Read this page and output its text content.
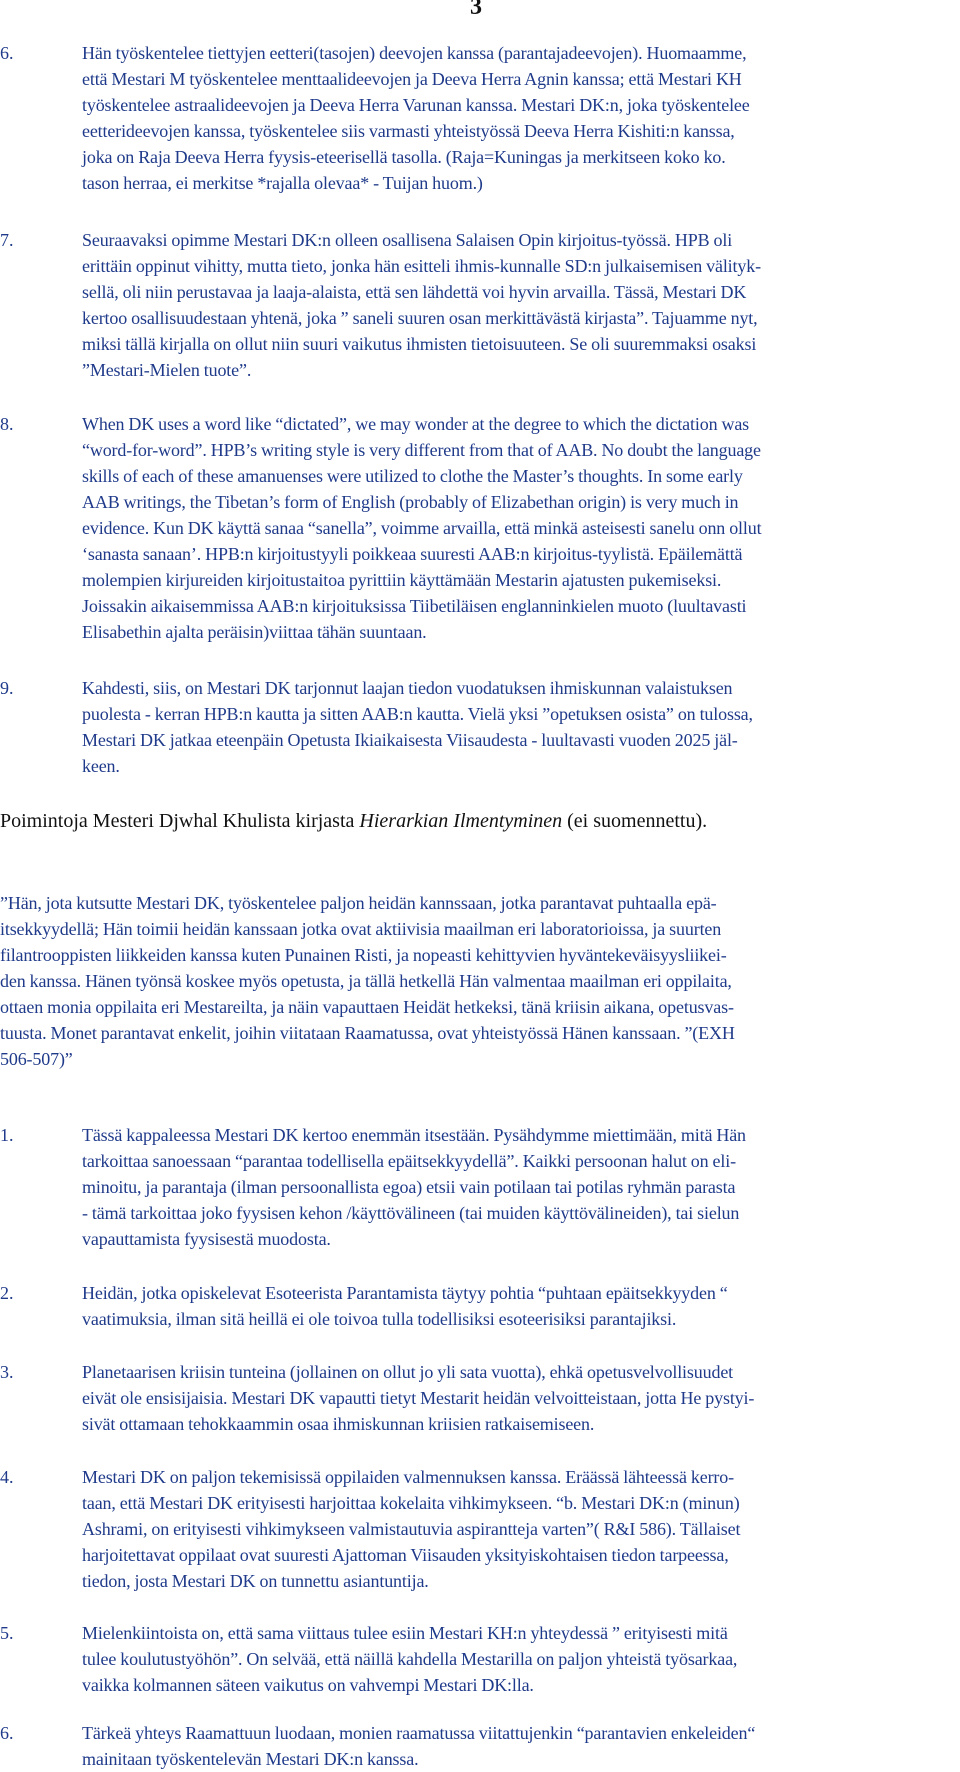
3
6.	Hän työskentelee tiettyjen eetteri(tasojen) deevojen kanssa (parantajadeevojen). Huomaamme,
että Mestari M työskentelee menttaalideevojen ja Deeva Herra Agnin kanssa; että Mestari KH
työskentelee astraalideevojen ja Deeva Herra Varunan kanssa. Mestari DK:n, joka työskentelee
eetterideevojen kanssa, työskentelee siis varmasti yhteistyössä Deeva Herra Kishiti:n kanssa,
joka on Raja Deeva Herra fyysis-eteerisellä tasolla. (Raja=Kuningas ja merkitseen koko ko.
tason herraa, ei merkitse *rajalla olevaa* - Tuijan huom.)
7.	Seuraavaksi opimme Mestari DK:n olleen osallisena Salaisen Opin kirjoitus-työssä. HPB oli
erittäin oppinut vihitty, mutta tieto, jonka hän esitteli ihmis-kunnalle SD:n julkaisemisen välityk-
sellä, oli niin perustavaa ja laaja-alaista, että sen lähdettä voi hyvin arvailla. Tässä, Mestari DK
kertoo osallisuudestaan yhtenä, joka ” saneli suuren osan merkittävästä kirjasta”. Tajuamme nyt,
miksi tällä kirjalla on ollut niin suuri vaikutus ihmisten tietoisuuteen. Se oli suuremmaksi osaksi
”Mestari-Mielen tuote”.
8.	When DK uses a word like “dictated”, we may wonder at the degree to which the dictation was
“word-for-word”. HPB’s writing style is very different from that of AAB. No doubt the language
skills of each of these amanuenses were utilized to clothe the Master’s thoughts. In some early
AAB writings, the Tibetan’s form of English (probably of Elizabethan origin) is very much in
evidence. Kun DK käyttä sanaa “sanella”, voimme arvailla, että minkä asteisesti sanelu onn ollut
‘sanasta sanaan’. HPB:n kirjoitustyyli poikkeaa suuresti AAB:n kirjoitus-tyylistä. Epäilemättä
molempien kirjureiden kirjoitustaitoa pyrittiin käyttämään Mestarin ajatusten pukemiseksi.
Joissakin aikaisemmissa AAB:n kirjoituksissa Tiibetiläisen englanninkielen muoto (luultavasti
Elisabethin ajalta peräisin)viittaa tähän suuntaan.
9.	Kahdesti, siis, on Mestari DK tarjonnut laajan tiedon vuodatuksen ihmiskunnan valaistuksen
puolesta - kerran HPB:n kautta ja sitten AAB:n kautta. Vielä yksi ”opetuksen osista” on tulossa,
Mestari DK jatkaa eteenpäin Opetusta Ikiaikaisesta Viisaudesta - luultavasti vuoden 2025 jäl-
keen.
Poimintoja Mesteri Djwhal Khulista kirjasta Hierarkian Ilmentyminen (ei suomennettu).
”Hän, jota kutsutte Mestari DK, työskentelee paljon heidän kannssaan, jotka parantavat puhtaalla epä-
itsekkyydellä; Hän toimii heidän kanssaan jotka ovat aktiivisia maailman eri laboratorioissa, ja suurten
filantrooppisten liikkeiden kanssa kuten Punainen Risti, ja nopeasti kehittyvien hyväntekeväisyysliikei-
den kanssa. Hänen työnsä koskee myös opetusta, ja tällä hetkellä Hän valmentaa maailman eri oppilaita,
ottaen monia oppilaita eri Mestareilta, ja näin vapauttaen Heidät hetkeksi, tänä kriisin aikana, opetusvas-
tuusta. Monet parantavat enkelit, joihin viitataan Raamatussa, ovat yhteistyössä Hänen kanssaan. ”(EXH
506-507)”
1.	Tässä kappaleessa Mestari DK kertoo enemmän itsestään. Pysähdymme miettimään, mitä Hän
tarkoittaa sanoessaan “parantaa todellisella epäitsekkyydellä”. Kaikki persoonan halut on eli-
minoitu, ja parantaja (ilman persoonallista egoa) etsii vain potilaan tai potilas ryhmän parasta
- tämä tarkoittaa joko fyysisen kehon /käyttövälineen (tai muiden käyttövälineiden), tai sielun
vapauttamista fyysisestä muodosta.
2.	Heidän, jotka opiskelevat Esoteerista Parantamista täytyy pohtia “puhtaan epäitsekkyyden “
vaatimuksia, ilman sitä heillä ei ole toivoa tulla todellisiksi esoteerisiksi parantajiksi.
3.	Planetaarisen kriisin tunteina (jollainen on ollut jo yli sata vuotta), ehkä opetusvelvollisuudet
eivät ole ensisijaisia. Mestari DK vapautti tietyt Mestarit heidän velvoitteistaan, jotta He pystyi-
sivät ottamaan tehokkaammin osaa ihmiskunnan kriisien ratkaisemiseen.
4.	Mestari DK on paljon tekemisissä oppilaiden valmennuksen kanssa. Eräässä lähteessä kerro-
taan, että Mestari DK erityisesti harjoittaa kokelaita vihkimykseen. “b. Mestari DK:n (minun)
Ashrami, on erityisesti vihkimykseen valmistautuvia aspirantteja varten”( R&I 586). Tällaiset
harjoitettavat oppilaat ovat suuresti Ajattoman Viisauden yksityiskohtaisen tiedon tarpeessa,
tiedon, josta Mestari DK on tunnettu asiantuntija.
5.	Mielenkiintoista on, että sama viittaus tulee esiin Mestari KH:n yhteydessä ” erityisesti mitä
tulee koulutustyöhön”. On selvää, että näillä kahdella Mestarilla on paljon yhteistä työsarkaa,
vaikka kolmannen säteen vaikutus on vahvempi Mestari DK:lla.
6.	Tärkeä yhteys Raamattuun luodaan, monien raamatussa viitattujenkin “parantavien enkeleiden“
mainitaan työskentelevän Mestari DK:n kanssa.
